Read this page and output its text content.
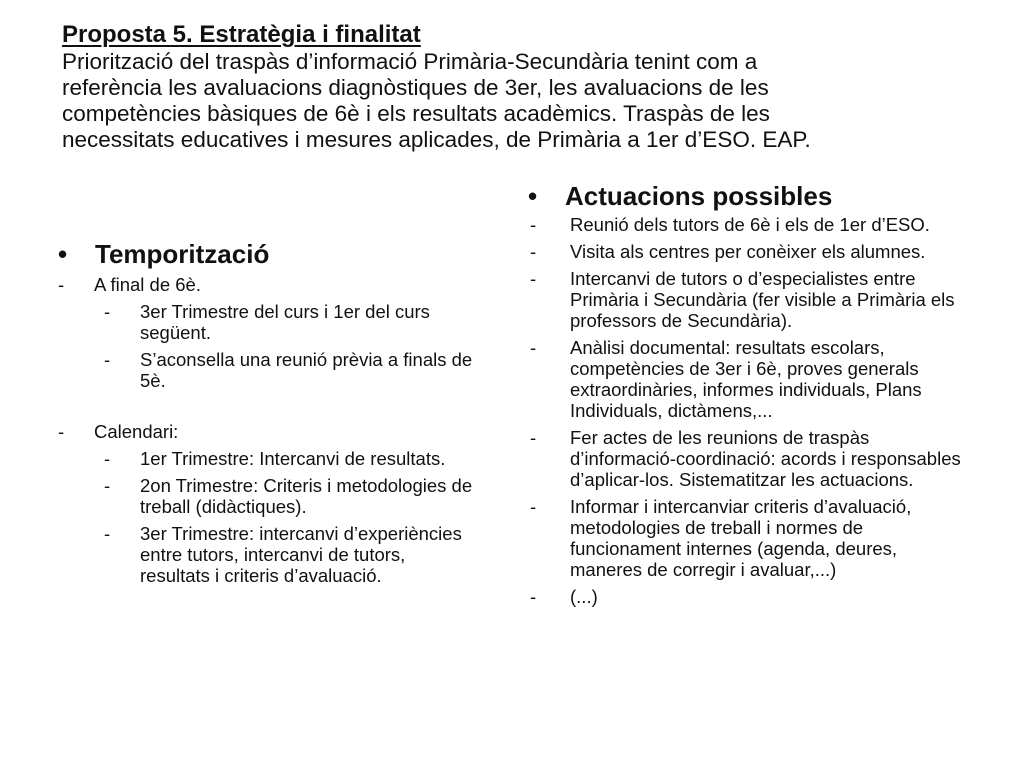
Proposta 5. Estratègia i finalitat

Priorització del traspàs d’informació Primària-Secundària tenint com a
referència les avaluacions diagnòstiques de 3er, les avaluacions de les
competències bàsiques de 6è i els resultats acadèmics. Traspàs de les
necessitats educatives i mesures aplicades, de Primària a 1er d’ESO. EAP.

• Temporització
- A final de 6è.
- 3er Trimestre del curs i 1er del curs següent.
- S’aconsella una reunió prèvia a finals de 5è.
- Calendari:
- 1er Trimestre: Intercanvi de resultats.
- 2on Trimestre: Criteris i metodologies de treball (didàctiques).
- 3er Trimestre: intercanvi d’experiències entre tutors, intercanvi de tutors, resultats i criteris d’avaluació.
• Actuacions possibles
- Reunió dels tutors de 6è i els de 1er d’ESO.
- Visita als centres per conèixer els alumnes.
- Intercanvi de tutors o d’especialistes entre Primària i Secundària (fer visible a Primària els professors de Secundària).
- Anàlisi documental: resultats escolars, competències de 3er i 6è, proves generals extraordinàries, informes individuals, Plans Individuals, dictàmens,...
- Fer actes de les reunions de traspàs d’informació-coordinació: acords i responsables d’aplicar-los. Sistematitzar les actuacions.
- Informar i intercanviar criteris d’avaluació, metodologies de treball i normes de funcionament internes (agenda, deures, maneres de corregir i avaluar,...)
- (...)
